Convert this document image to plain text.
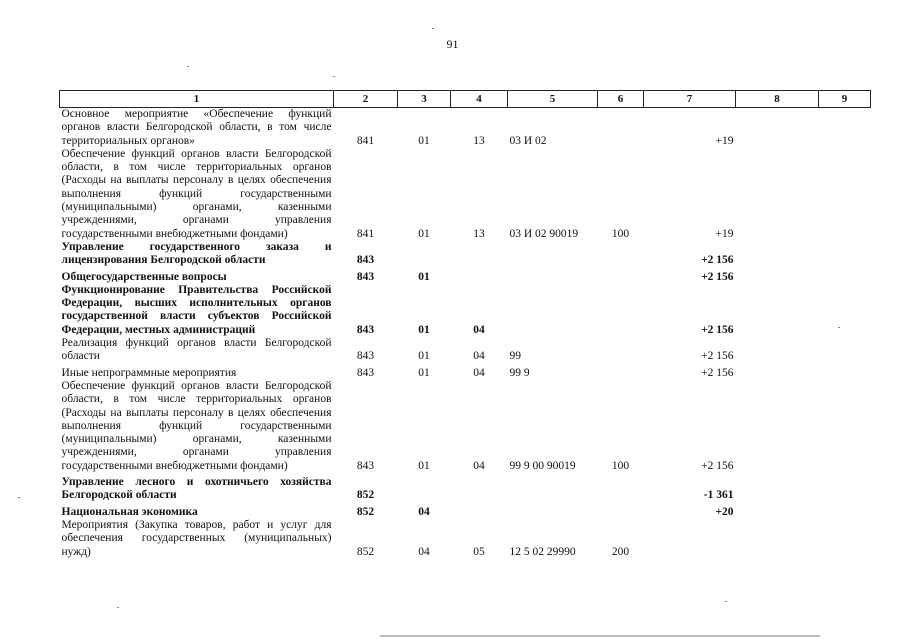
91
1	2	3	4	5	6	7	8	9
Основное мероприятие «Обеспечение функций органов власти Белгородской области, в том числе территориальных органов»	841	01	13	03 И 02		+19		
Обеспечение функций органов власти Белгородской области, в том числе территориальных органов (Расходы на выплаты персоналу в целях обеспечения выполнения функций государственными (муниципальными) органами, казенными учреждениями, органами управления государственными внебюджетными фондами)	841	01	13	03 И 02 90019	100	+19		
Управление государственного заказа и лицензирования Белгородской области	843					+2 156		
Общегосударственные вопросы	843	01				+2 156		
Функционирование Правительства Российской Федерации, высших исполнительных органов государственной власти субъектов Российской Федерации, местных администраций	843	01	04			+2 156		
Реализация функций органов власти Белгородской области	843	01	04	99		+2 156		
Иные непрограммные мероприятия	843	01	04	99 9		+2 156		
Обеспечение функций органов власти Белгородской области, в том числе территориальных органов (Расходы на выплаты персоналу в целях обеспечения выполнения функций государственными (муниципальными) органами, казенными учреждениями, органами управления государственными внебюджетными фондами)	843	01	04	99 9 00 90019	100	+2 156		
Управление лесного и охотничьего хозяйства Белгородской области	852					-1 361		
Национальная экономика	852	04				+20		
Мероприятия (Закупка товаров, работ и услуг для обеспечения государственных (муниципальных) нужд)	852	04	05	12 5 02 29990	200			
